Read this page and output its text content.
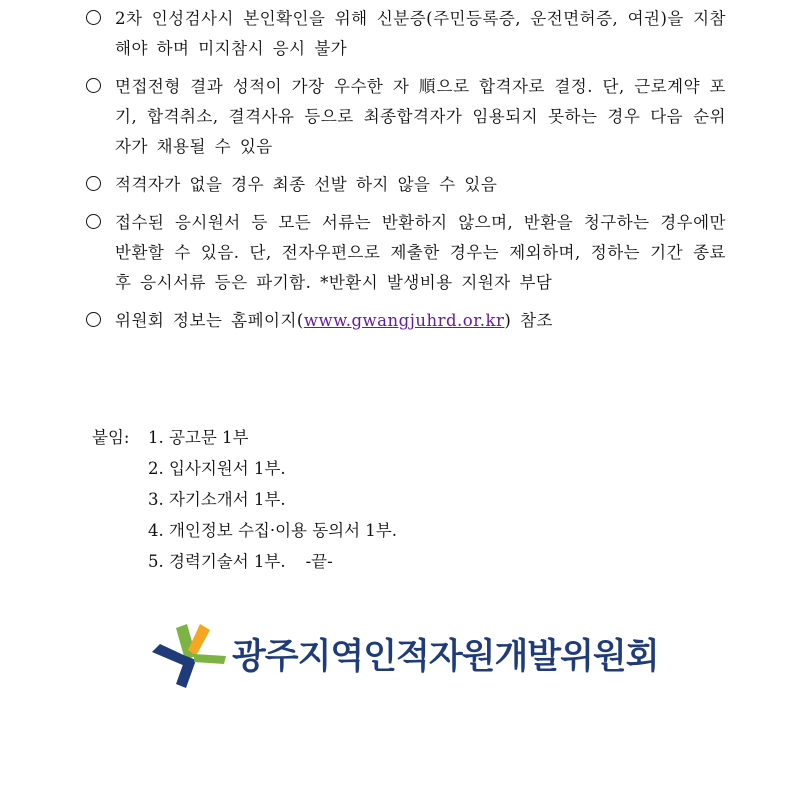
2차 인성검사시 본인확인을 위해 신분증(주민등록증, 운전면허증, 여권)을 지참해야 하며 미지참시 응시 불가
면접전형 결과 성적이 가장 우수한 자 順으로 합격자로 결정. 단, 근로계약 포기, 합격취소, 결격사유 등으로 최종합격자가 임용되지 못하는 경우 다음 순위자가 채용될 수 있음
적격자가 없을 경우 최종 선발 하지 않을 수 있음
접수된 응시원서 등 모든 서류는 반환하지 않으며, 반환을 청구하는 경우에만 반환할 수 있음. 단, 전자우편으로 제출한 경우는 제외하며, 정하는 기간 종료 후 응시서류 등은 파기함. *반환시 발생비용 지원자 부담
위원회 정보는 홈페이지(www.gwangjuhrd.or.kr) 참조
붙임:	1. 공고문 1부
2. 입사지원서 1부.
3. 자기소개서 1부.
4. 개인정보 수집·이용 동의서 1부.
5. 경력기술서 1부. -끝-
광주지역인적자원개발위원회
